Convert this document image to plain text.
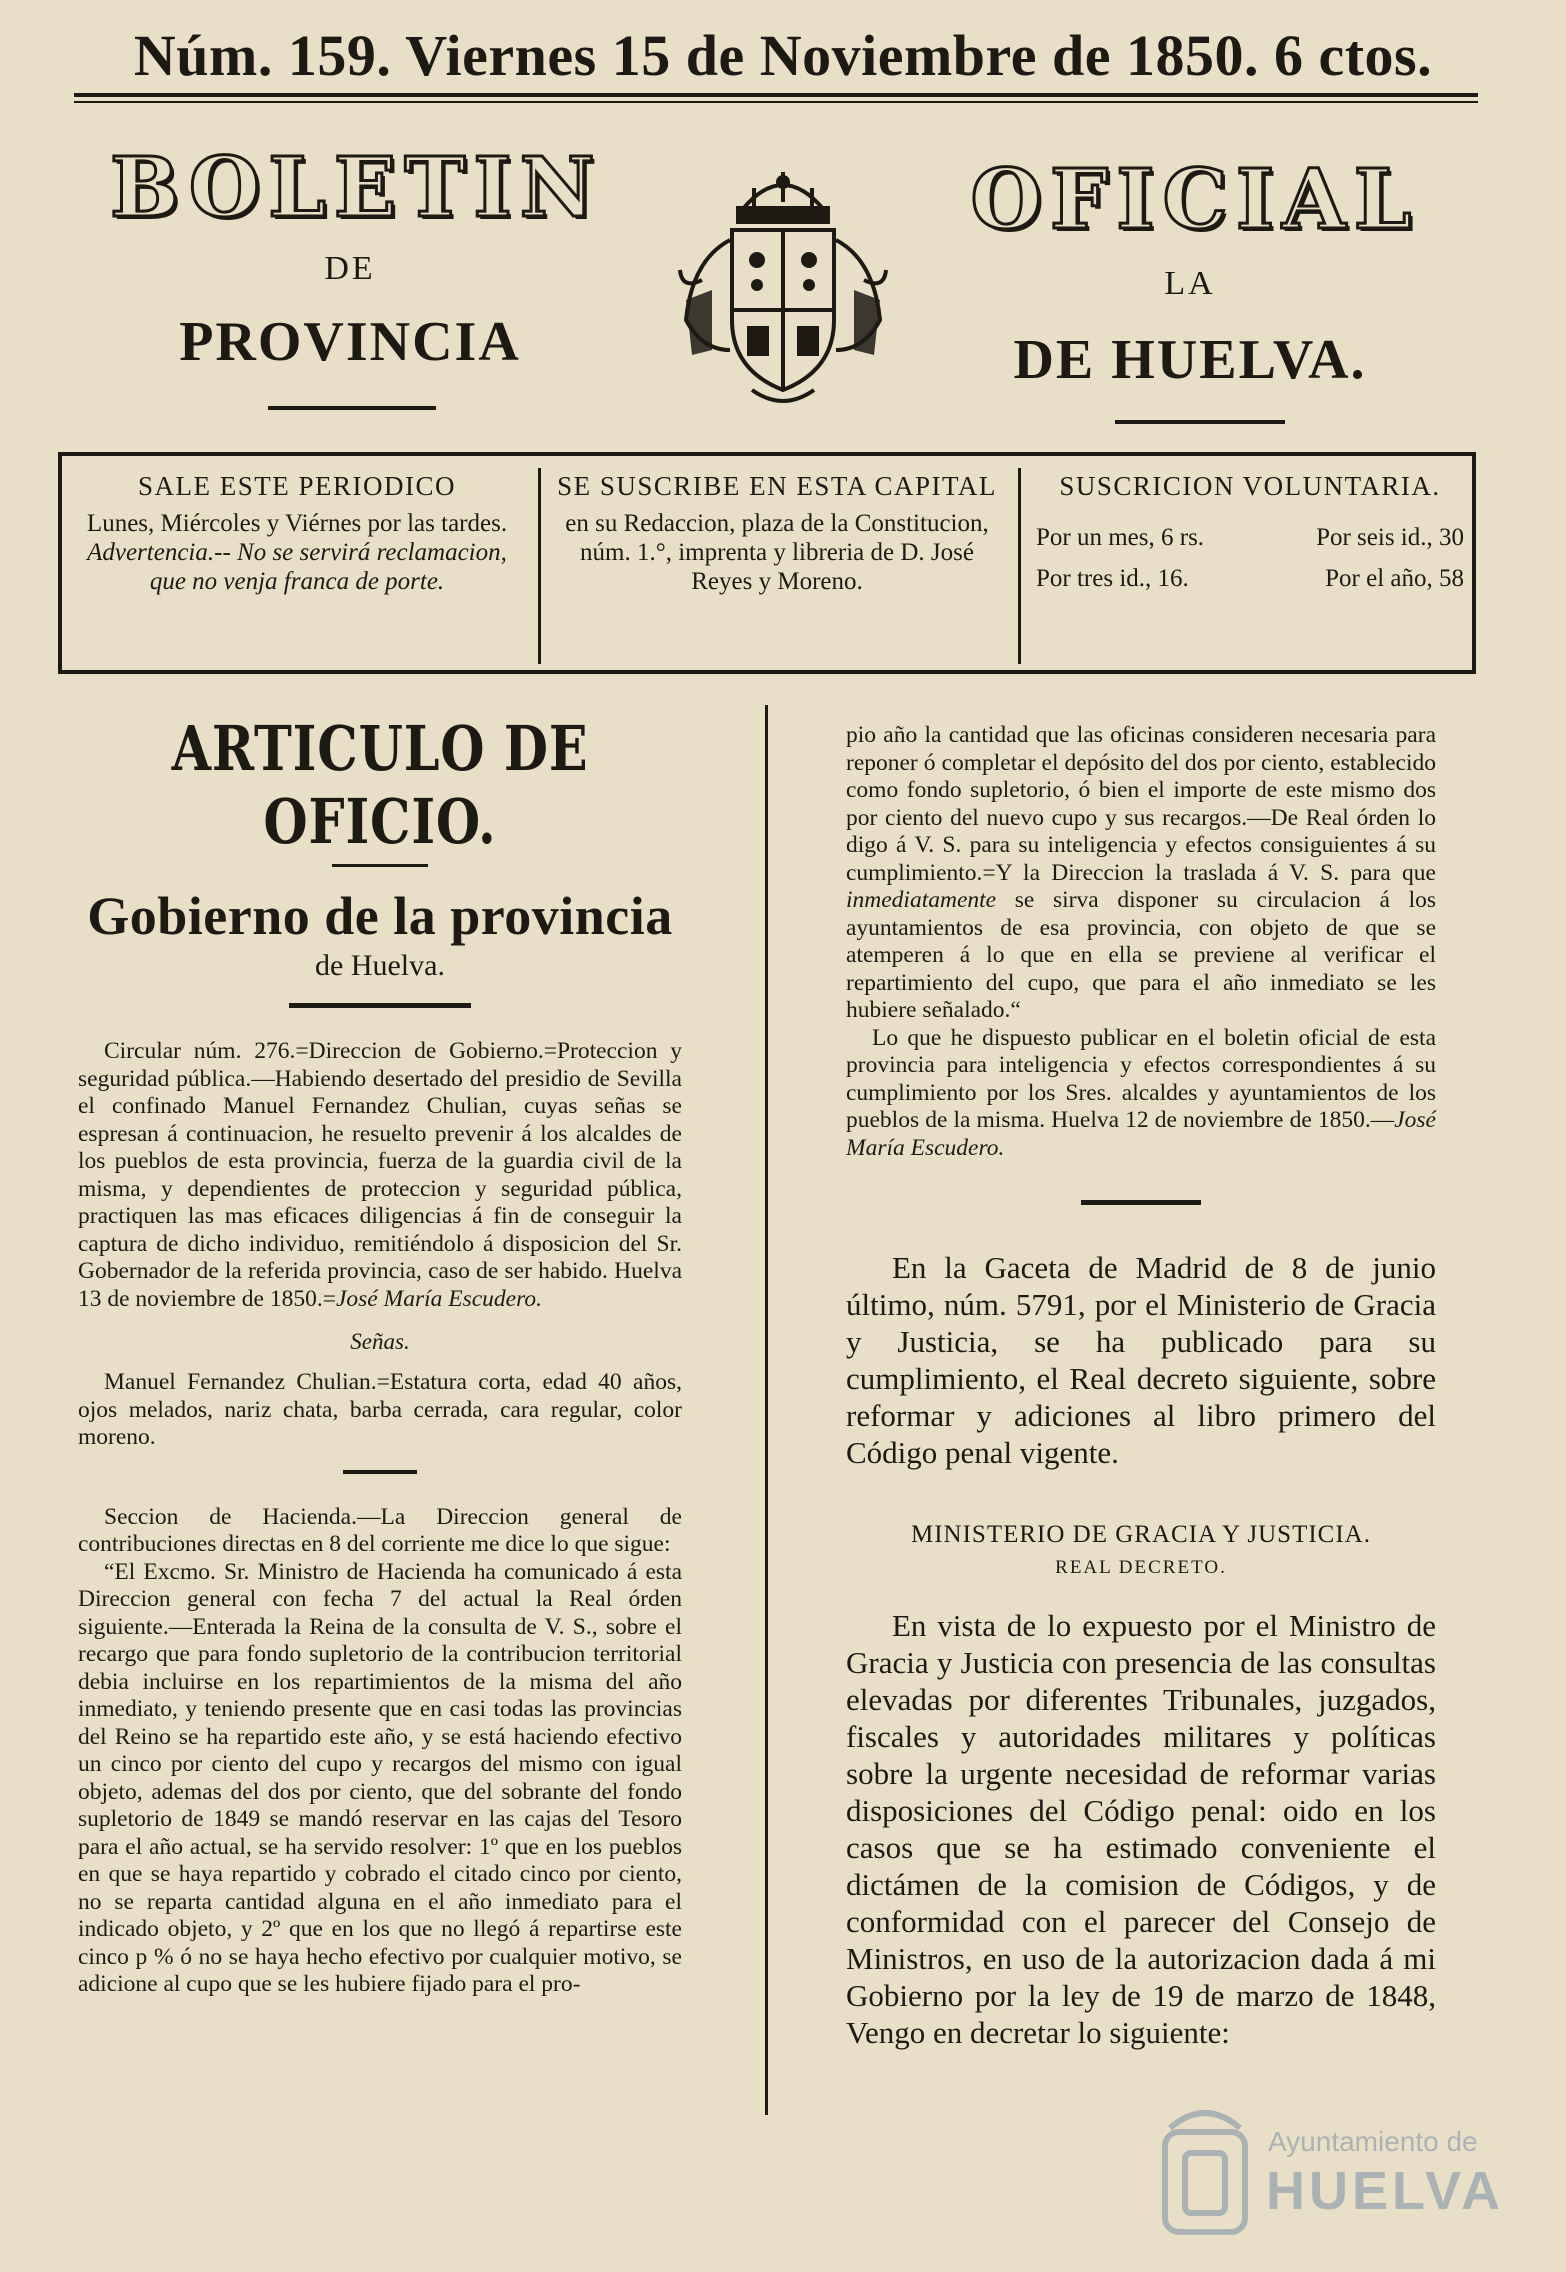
Núm. 159. Viernes 15 de Noviembre de 1850. 6 ctos.
BOLETIN	OFICIAL
DE	LA
PROVINCIA	DE HUELVA.
SALE ESTE PERIODICO
Lunes, Miércoles y Viérnes por las tardes.
Advertencia.-- No se servirá reclamacion, que no venja franca de porte.
SE SUSCRIBE EN ESTA CAPITAL
en su Redaccion, plaza de la Constitucion, núm. 1.°, imprenta y libreria de D. José Reyes y Moreno.
SUSCRICION VOLUNTARIA.
Por un mes, 6 rs.	Por seis id., 30
Por tres id., 16.	Por el año, 58
ARTICULO DE OFICIO.
Gobierno de la provincia
de Huelva.

Circular núm. 276.=Direccion de Gobierno.=Proteccion y seguridad pública.—Habiendo desertado del presidio de Sevilla el confinado Manuel Fernandez Chulian, cuyas señas se espresan á continuacion, he resuelto prevenir á los alcaldes de los pueblos de esta provincia, fuerza de la guardia civil de la misma, y dependientes de proteccion y seguridad pública, practiquen las mas eficaces diligencias á fin de conseguir la captura de dicho individuo, remitiéndolo á disposicion del Sr. Gobernador de la referida provincia, caso de ser habido. Huelva 13 de noviembre de 1850.=José María Escudero.

Señas.

Manuel Fernandez Chulian.=Estatura corta, edad 40 años, ojos melados, nariz chata, barba cerrada, cara regular, color moreno.

Seccion de Hacienda.—La Direccion general de contribuciones directas en 8 del corriente me dice lo que sigue:

“El Excmo. Sr. Ministro de Hacienda ha comunicado á esta Direccion general con fecha 7 del actual la Real órden siguiente.—Enterada la Reina de la consulta de V. S., sobre el recargo que para fondo supletorio de la contribucion territorial debia incluirse en los repartimientos de la misma del año inmediato, y teniendo presente que en casi todas las provincias del Reino se ha repartido este año, y se está haciendo efectivo un cinco por ciento del cupo y recargos del mismo con igual objeto, ademas del dos por ciento, que del sobrante del fondo supletorio de 1849 se mandó reservar en las cajas del Tesoro para el año actual, se ha servido resolver: 1º que en los pueblos en que se haya repartido y cobrado el citado cinco por ciento, no se reparta cantidad alguna en el año inmediato para el indicado objeto, y 2º que en los que no llegó á repartirse este cinco p % ó no se haya hecho efectivo por cualquier motivo, se adicione al cupo que se les hubiere fijado para el pro-

pio año la cantidad que las oficinas consideren necesaria para reponer ó completar el depósito del dos por ciento, establecido como fondo supletorio, ó bien el importe de este mismo dos por ciento del nuevo cupo y sus recargos.—De Real órden lo digo á V. S. para su inteligencia y efectos consiguientes á su cumplimiento.=Y la Direccion la traslada á V. S. para que inmediatamente se sirva disponer su circulacion á los ayuntamientos de esa provincia, con objeto de que se atemperen á lo que en ella se previene al verificar el repartimiento del cupo, que para el año inmediato se les hubiere señalado.“

Lo que he dispuesto publicar en el boletin oficial de esta provincia para inteligencia y efectos correspondientes á su cumplimiento por los Sres. alcaldes y ayuntamientos de los pueblos de la misma. Huelva 12 de noviembre de 1850.—José María Escudero.

En la Gaceta de Madrid de 8 de junio último, núm. 5791, por el Ministerio de Gracia y Justicia, se ha publicado para su cumplimiento, el Real decreto siguiente, sobre reformar y adiciones al libro primero del Código penal vigente.

MINISTERIO DE GRACIA Y JUSTICIA.
REAL DECRETO.

En vista de lo expuesto por el Ministro de Gracia y Justicia con presencia de las consultas elevadas por diferentes Tribunales, juzgados, fiscales y autoridades militares y políticas sobre la urgente necesidad de reformar varias disposiciones del Código penal: oido en los casos que se ha estimado conveniente el dictámen de la comision de Códigos, y de conformidad con el parecer del Consejo de Ministros, en uso de la autorizacion dada á mi Gobierno por la ley de 19 de marzo de 1848, Vengo en decretar lo siguiente:

Ayuntamiento de
HUELVA
